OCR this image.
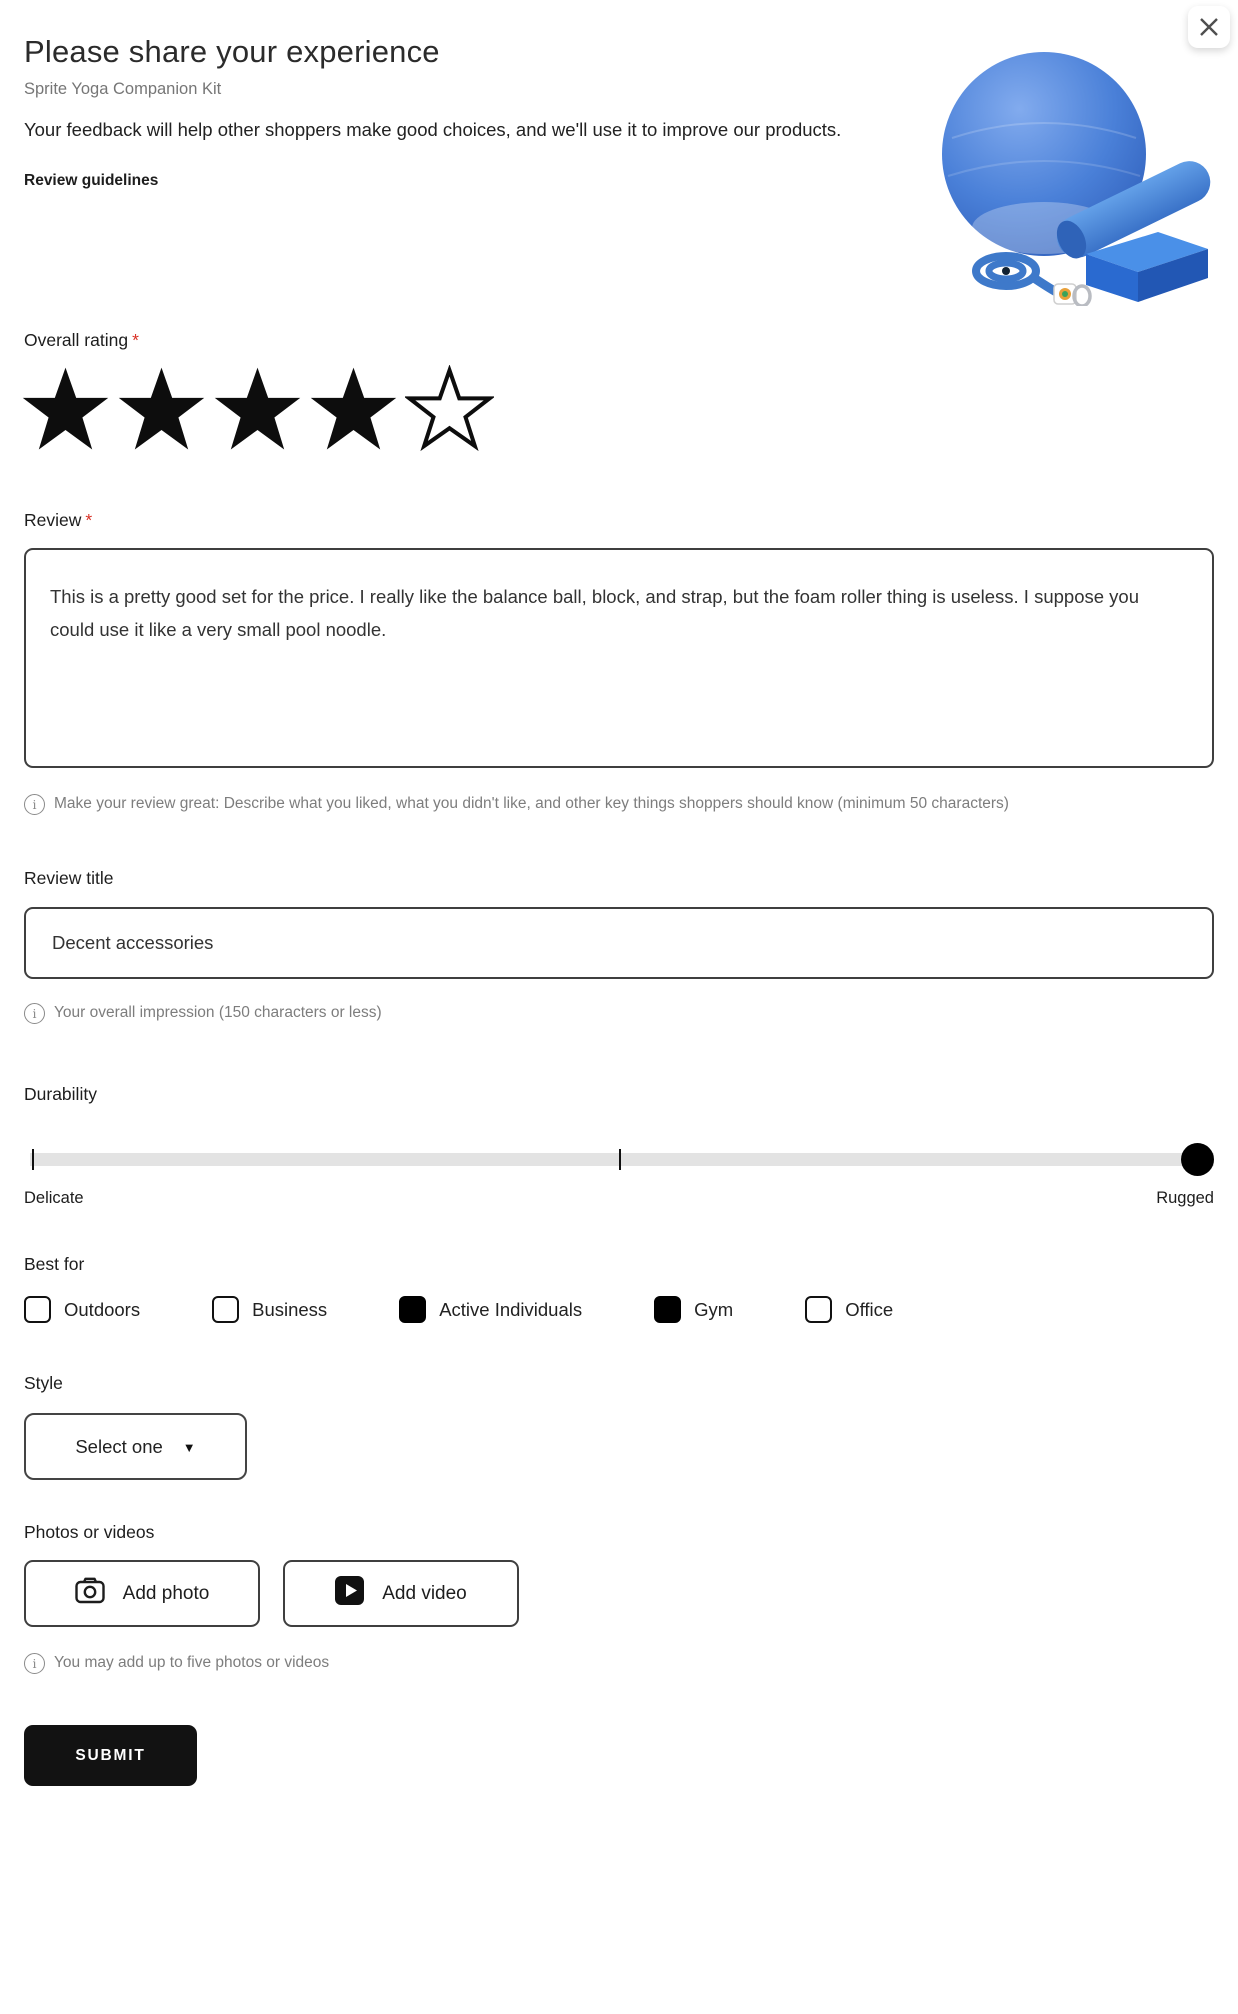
Please share your experience
Sprite Yoga Companion Kit
Your feedback will help other shoppers make good choices, and we'll use it to improve our products.
Review guidelines
Overall rating *
Review *
This is a pretty good set for the price. I really like the balance ball, block, and strap, but the foam roller thing is useless. I suppose you could use it like a very small pool noodle.
i	Make your review great: Describe what you liked, what you didn't like, and other key things shoppers should know (minimum 50 characters)
Review title
Decent accessories
i	Your overall impression (150 characters or less)
Durability
Delicate	Rugged
Best for
Outdoors	Business	Active Individuals	Gym	Office
Style
Select one ▼
Photos or videos
Add photo	Add video
i	You may add up to five photos or videos
SUBMIT
